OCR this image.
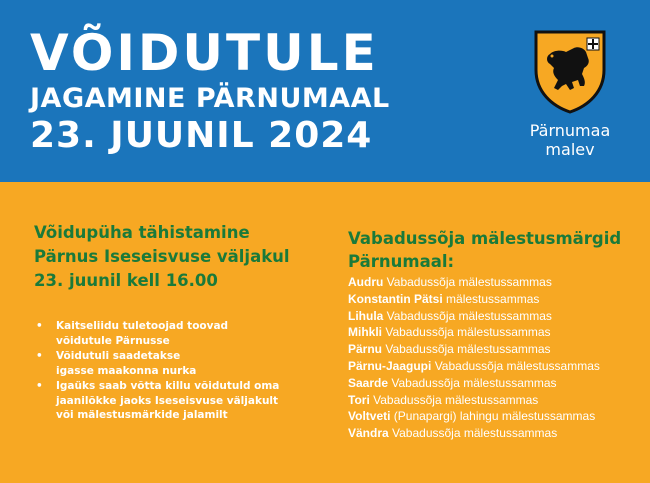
VÕIDUTULE
JAGAMINE PÄRNUMAAL
23. JUUNIL 2024	Pärnumaa
malev
Võidupüha tähistamine
Pärnus Iseseisvuse väljakul
23. juunil kell 16.00
• Kaitseliidu tuletoojad toovad
võidutule Pärnusse
• Võidutuli saadetakse
igasse maakonna nurka
• Igaüks saab võtta killu võidutuld oma
jaanilõkke jaoks Iseseisvuse väljakult
või mälestusmärkide jalamilt
Vabadussõja mälestusmärgid
Pärnumaal:
Audru Vabadussõja mälestussammas
Konstantin Pätsi mälestussammas
Lihula Vabadussõja mälestussammas
Mihkli Vabadussõja mälestussammas
Pärnu Vabadussõja mälestussammas
Pärnu-Jaagupi Vabadussõja mälestussammas
Saarde Vabadussõja mälestussammas
Tori Vabadussõja mälestussammas
Voltveti (Punapargi) lahingu mälestussammas
Vändra Vabadussõja mälestussammas
